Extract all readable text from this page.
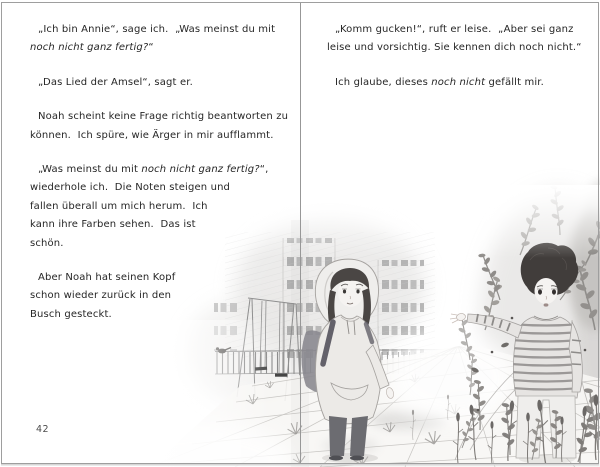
„Ich bin Annie“, sage ich.  „Was meinst du mit
noch nicht ganz fertig?“
„Das Lied der Amsel“, sagt er.
Noah scheint keine Frage richtig beantworten zu
können.  Ich spüre, wie Ärger in mir aufflammt.
„Was meinst du mit noch nicht ganz fertig?“,
wiederhole ich.  Die Noten steigen und
fallen überall um mich herum.  Ich
kann ihre Farben sehen.  Das ist
schön.
Aber Noah hat seinen Kopf
schon wieder zurück in den
Busch gesteckt.
42
„Komm gucken!“, ruft er leise.  „Aber sei ganz
leise und vorsichtig. Sie kennen dich noch nicht.“
Ich glaube, dieses noch nicht gefällt mir.
